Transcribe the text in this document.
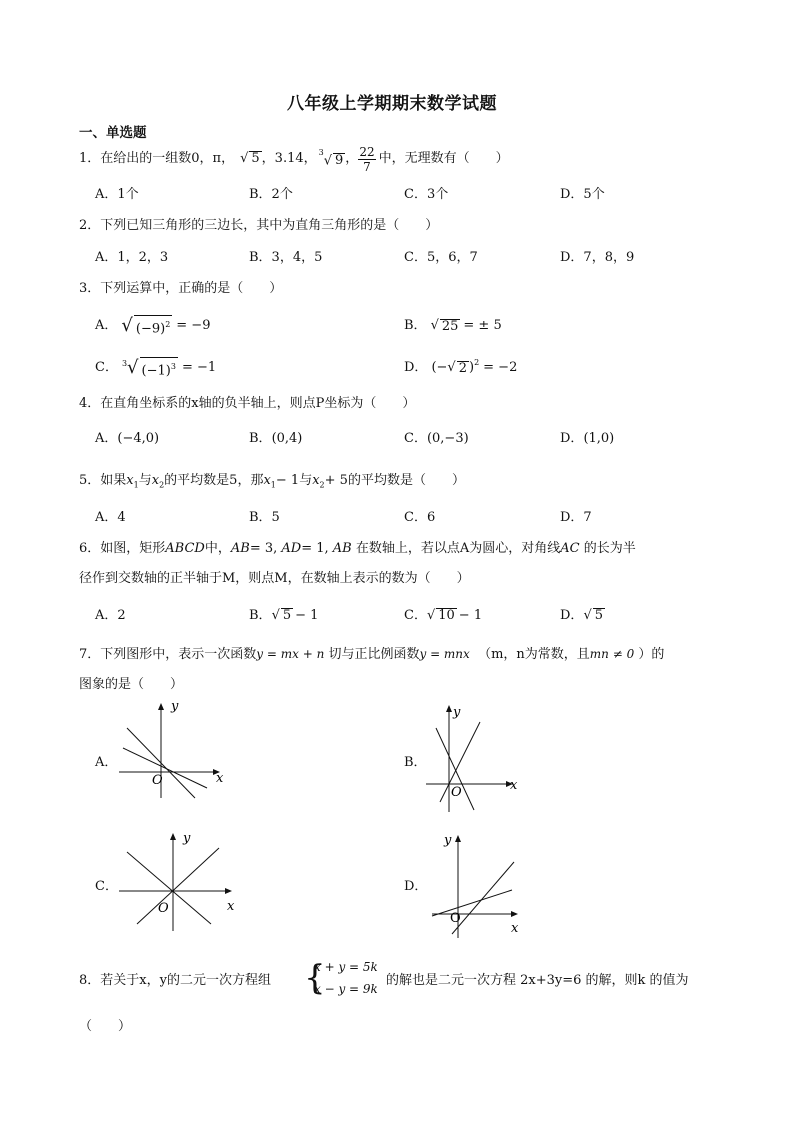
八年级上学期期末数学试题
一、单选题
1．在给出的一组数0，π， √ 5 ，3.14， $^3$√ 9 ， $\frac{22}{7}$ 中，无理数有（　　）
A．1个	B．2个	C．3个	D．5个
2．下列已知三角形的三边长，其中为直角三角形的是（　　）
A．1，2，3	B．3，4，5	C．5，6，7	D．7，8，9
3．下列运算中，正确的是（　　）
A． √ $(-9)^2 = -9$	B． √ 25 = ± 5
C． $^3$ √ $(-1)^3 = -1$	D． (− √ 2 )$^2$ = −2
4．在直角坐标系的x轴的负半轴上，则点P坐标为（　　）
A．(−4,0)	B．(0,4)	C．(0,−3)	D．(1,0)
5．如果$x_1$与$x_2$的平均数是5，那$x_1- 1$与$x_2+ 5$的平均数是（　　）
A．4	B．5	C．6	D．7
6．如图，矩形ABCD中，AB= 3, AD= 1, AB 在数轴上，若以点A为圆心，对角线AC 的长为半
径作到交数轴的正半轴于M，则点M，在数轴上表示的数为（　　）
A．2	B．√ 5 − 1	C．√ 10 − 1	D．√ 5
7．下列图形中，表示一次函数y = mx + n 切与正比例函数y = mnx （m，n为常数，且mn ≠ 0 ）的
图象的是（　　）
A．
y
x
O
B．
y
x
O
C．
y
x
O
D．
y
x
O
8．若关于x，y的二元一次方程组 {
x + y = 5k
x − y = 9k
的解也是二元一次方程 2x+3y=6 的解，则k 的值为
（　　）
